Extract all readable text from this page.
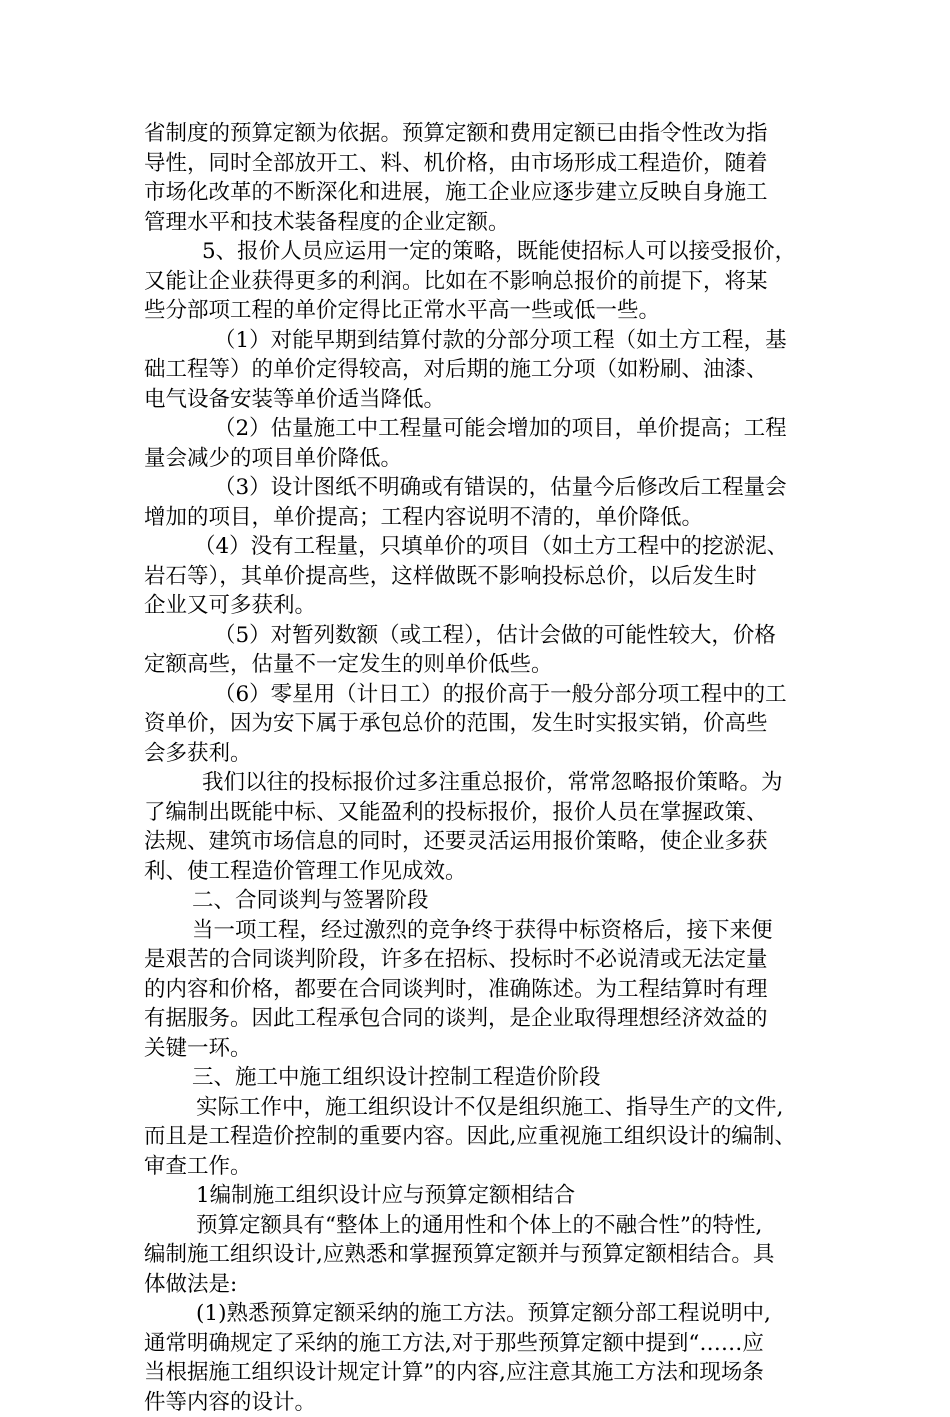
省制度的预算定额为依据。预算定额和费用定额已由指令性改为指
导性，同时全部放开工、料、机价格，由市场形成工程造价，随着
市场化改革的不断深化和进展，施工企业应逐步建立反映自身施工
管理水平和技术装备程度的企业定额。
5、报价人员应运用一定的策略，既能使招标人可以接受报价，
又能让企业获得更多的利润。比如在不影响总报价的前提下，将某
些分部项工程的单价定得比正常水平高一些或低一些。
（1）对能早期到结算付款的分部分项工程（如土方工程，基
础工程等）的单价定得较高，对后期的施工分项（如粉刷、油漆、
电气设备安装等单价适当降低。
（2）估量施工中工程量可能会增加的项目，单价提高；工程
量会减少的项目单价降低。
（3）设计图纸不明确或有错误的，估量今后修改后工程量会
增加的项目，单价提高；工程内容说明不清的，单价降低。
（4）没有工程量，只填单价的项目（如土方工程中的挖淤泥、
岩石等），其单价提高些，这样做既不影响投标总价，以后发生时
企业又可多获利。
（5）对暂列数额（或工程），估计会做的可能性较大，价格
定额高些，估量不一定发生的则单价低些。
（6）零星用（计日工）的报价高于一般分部分项工程中的工
资单价，因为安下属于承包总价的范围，发生时实报实销，价高些
会多获利。
我们以往的投标报价过多注重总报价，常常忽略报价策略。为
了编制出既能中标、又能盈利的投标报价，报价人员在掌握政策、
法规、建筑市场信息的同时，还要灵活运用报价策略，使企业多获
利、使工程造价管理工作见成效。
二、合同谈判与签署阶段
当一项工程，经过激烈的竞争终于获得中标资格后，接下来便
是艰苦的合同谈判阶段，许多在招标、投标时不必说清或无法定量
的内容和价格，都要在合同谈判时，准确陈述。为工程结算时有理
有据服务。因此工程承包合同的谈判，是企业取得理想经济效益的
关键一环。
三、施工中施工组织设计控制工程造价阶段
实际工作中，施工组织设计不仅是组织施工、指导生产的文件,
而且是工程造价控制的重要内容。因此,应重视施工组织设计的编制、
审查工作。
1编制施工组织设计应与预算定额相结合
预算定额具有“整体上的通用性和个体上的不融合性”的特性,
编制施工组织设计,应熟悉和掌握预算定额并与预算定额相结合。具
体做法是:
(1)熟悉预算定额采纳的施工方法。预算定额分部工程说明中,
通常明确规定了采纳的施工方法,对于那些预算定额中提到“……应
当根据施工组织设计规定计算”的内容,应注意其施工方法和现场条
件等内容的设计。
